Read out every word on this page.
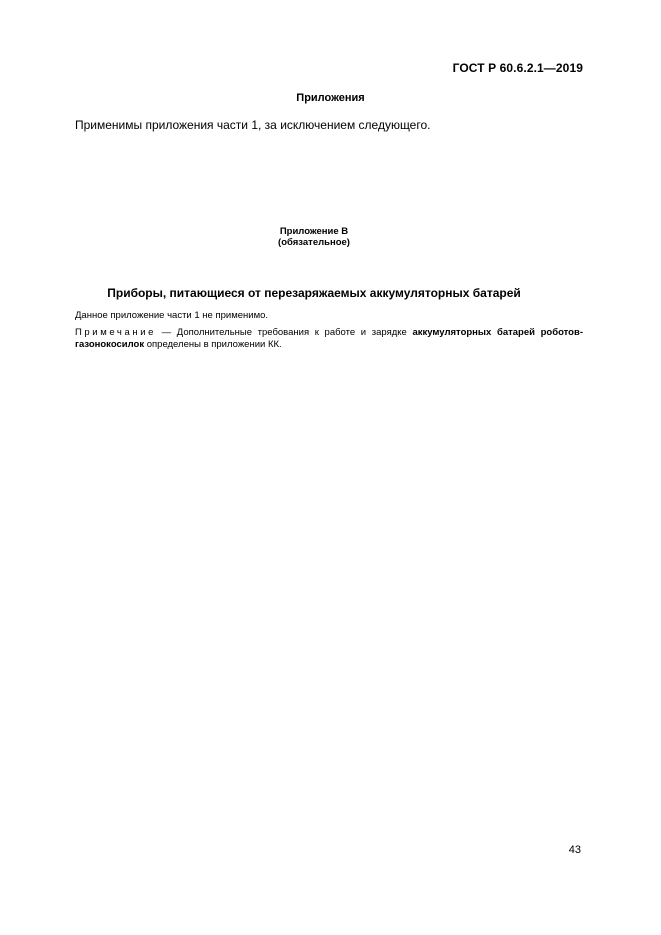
ГОСТ Р 60.6.2.1—2019
Приложения
Применимы приложения части 1, за исключением следующего.
Приложение В
(обязательное)
Приборы, питающиеся от перезаряжаемых аккумуляторных батарей
Данное приложение части 1 не применимо.
Примечание — Дополнительные требования к работе и зарядке аккумуляторных батарей роботов-газонокосилок определены в приложении КК.
43
